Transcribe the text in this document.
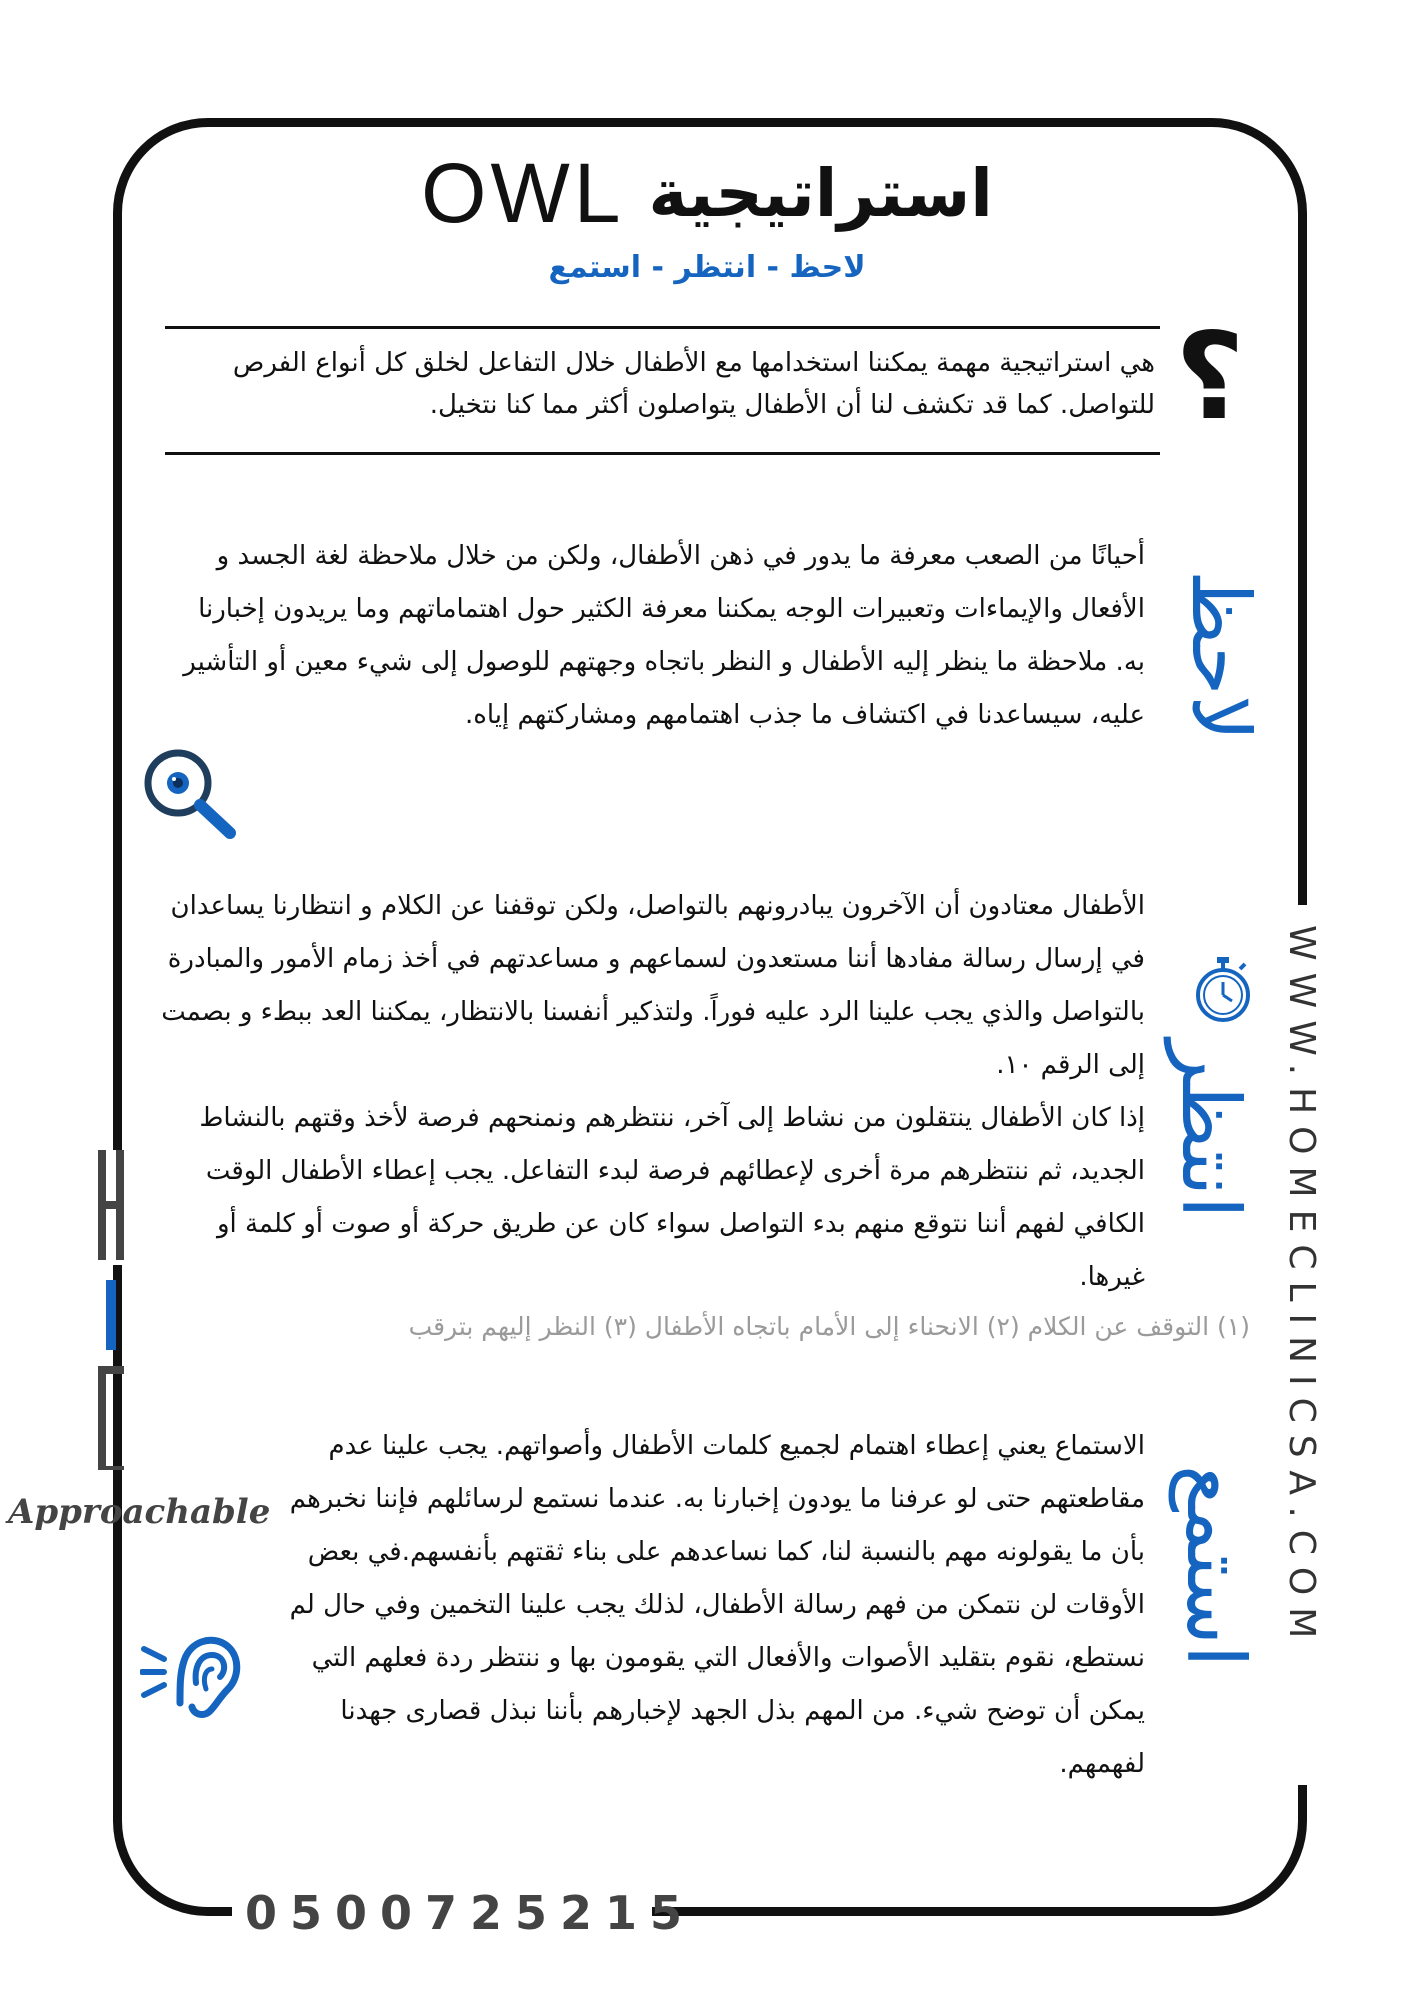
استراتيجية
OWL
لاحظ - انتظر - استمع
؟
هي استراتيجية مهمة يمكننا استخدامها مع الأطفال خلال التفاعل لخلق كل أنواع الفرص للتواصل. كما قد تكشف لنا أن الأطفال يتواصلون أكثر مما كنا نتخيل.
لاحظ
أحيانًا من الصعب معرفة ما يدور في ذهن الأطفال، ولكن من خلال ملاحظة لغة الجسد و الأفعال والإيماءات وتعبيرات الوجه يمكننا معرفة الكثير حول اهتماماتهم وما يريدون إخبارنا به. ملاحظة ما ينظر إليه الأطفال و النظر باتجاه وجهتهم للوصول إلى شيء معين أو التأشير عليه، سيساعدنا في اكتشاف ما جذب اهتمامهم ومشاركتهم إياه.
انتظر

الأطفال معتادون أن الآخرون يبادرونهم بالتواصل، ولكن توقفنا عن الكلام و انتظارنا يساعدان في إرسال رسالة مفادها أننا مستعدون لسماعهم و مساعدتهم في أخذ زمام الأمور والمبادرة بالتواصل والذي يجب علينا الرد عليه فوراً. ولتذكير أنفسنا بالانتظار، يمكننا العد ببطء و بصمت إلى الرقم ١٠.

إذا كان الأطفال ينتقلون من نشاط إلى آخر، ننتظرهم ونمنحهم فرصة لأخذ وقتهم بالنشاط الجديد، ثم ننتظرهم مرة أخرى لإعطائهم فرصة لبدء التفاعل. يجب إعطاء الأطفال الوقت الكافي لفهم أننا نتوقع منهم بدء التواصل سواء كان عن طريق حركة أو صوت أو كلمة أو غيرها.

(١) التوقف عن الكلام (٢) الانحناء إلى الأمام باتجاه الأطفال (٣) النظر إليهم بترقب
استمع
الاستماع يعني إعطاء اهتمام لجميع كلمات الأطفال وأصواتهم. يجب علينا عدم مقاطعتهم حتى لو عرفنا ما يودون إخبارنا به. عندما نستمع لرسائلهم فإننا نخبرهم بأن ما يقولونه مهم بالنسبة لنا، كما نساعدهم على بناء ثقتهم بأنفسهم.في بعض الأوقات لن نتمكن من فهم رسالة الأطفال، لذلك يجب علينا التخمين وفي حال لم نستطع، نقوم بتقليد الأصوات والأفعال التي يقومون بها و ننتظر ردة فعلهم التي يمكن أن توضح شيء. من المهم بذل الجهد لإخبارهم بأننا نبذل قصارى جهدنا لفهمهم.
WWW.HOMECLINICSA.COM
0500725215
Approachable
